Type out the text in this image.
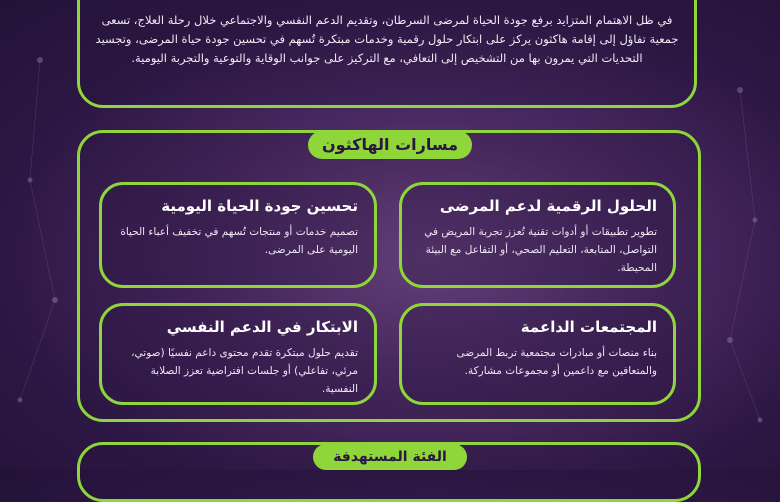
في ظل الاهتمام المتزايد برفع جودة الحياة لمرضى السرطان، وتقديم الدعم النفسي والاجتماعي خلال رحلة العلاج، تسعى جمعية تفاؤل إلى إقامة هاكثون يركز على ابتكار حلول رقمية وخدمات مبتكرة تُسهم في تحسين جودة حياة المرضى، وتجسيد التحديات التي يمرون بها من التشخيص إلى التعافي، مع التركيز على جوانب الوقاية والتوعية والتجربة اليومية.
مسارات الهاكثون
الحلول الرقمية لدعم المرضى

تطوير تطبيقات أو أدوات تقنية تُعزز تجربة المريض في التواصل، المتابعة، التعليم الصحي، أو التفاعل مع البيئة المحيطة.

تحسين جودة الحياة اليومية

تصميم خدمات أو منتجات تُسهم في تخفيف أعباء الحياة اليومية على المرضى.

المجتمعات الداعمة

بناء منصات أو مبادرات مجتمعية تربط المرضى والمتعافين مع داعمين أو مجموعات مشاركة.

الابتكار في الدعم النفسي

تقديم حلول مبتكرة تقدم محتوى داعم نفسيًا (صوتي، مرئي، تفاعلي) أو جلسات افتراضية تعزز الصلابة النفسية.

الفئة المستهدفة
